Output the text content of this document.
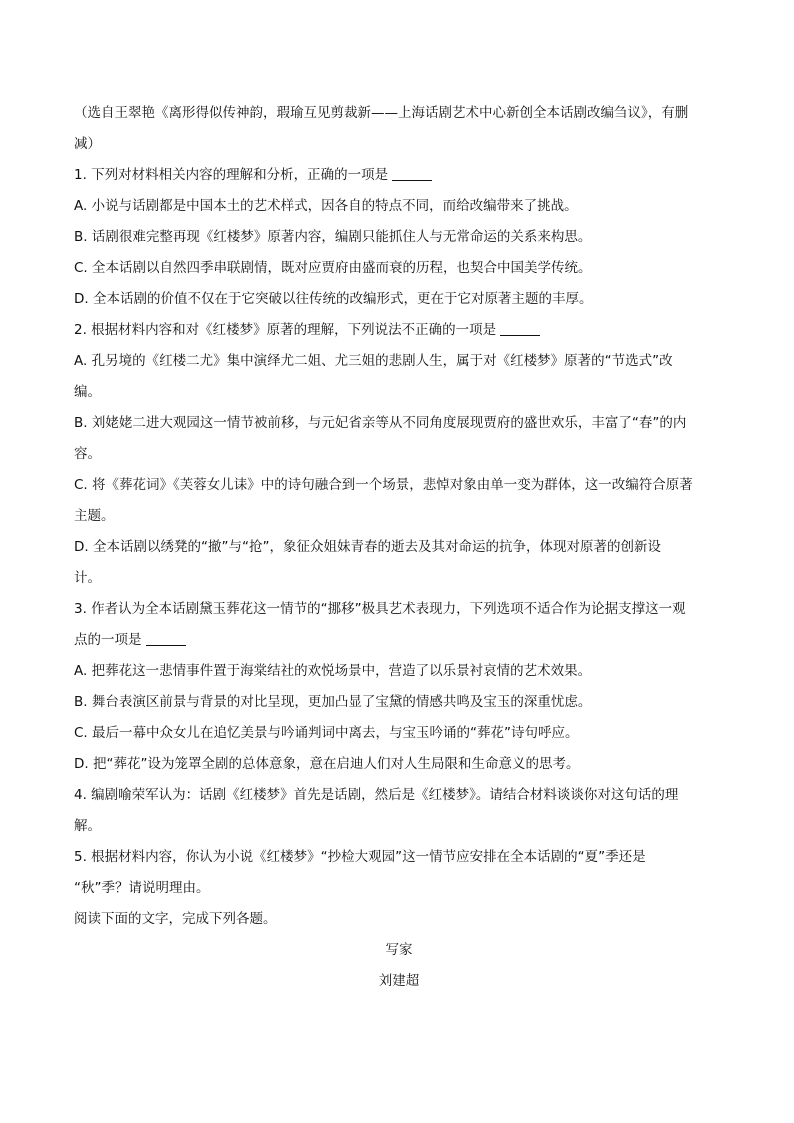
（选自王翠艳《离形得似传神韵，瑕瑜互见剪裁新——上海话剧艺术中心新创全本话剧改编刍议》，有删
减）
1. 下列对材料相关内容的理解和分析，正确的一项是
A. 小说与话剧都是中国本土的艺术样式，因各自的特点不同，而给改编带来了挑战。
B. 话剧很难完整再现《红楼梦》原著内容，编剧只能抓住人与无常命运的关系来构思。
C. 全本话剧以自然四季串联剧情，既对应贾府由盛而衰的历程，也契合中国美学传统。
D. 全本话剧的价值不仅在于它突破以往传统的改编形式，更在于它对原著主题的丰厚。
2. 根据材料内容和对《红楼梦》原著的理解，下列说法不正确的一项是
A. 孔另境的《红楼二尤》集中演绎尤二姐、尤三姐的悲剧人生，属于对《红楼梦》原著的“节选式”改
编。
B. 刘姥姥二进大观园这一情节被前移，与元妃省亲等从不同角度展现贾府的盛世欢乐，丰富了“春”的内
容。
C. 将《葬花词》《芙蓉女儿诔》中的诗句融合到一个场景，悲悼对象由单一变为群体，这一改编符合原著
主题。
D. 全本话剧以绣凳的“撤”与“抢”，象征众姐妹青春的逝去及其对命运的抗争，体现对原著的创新设
计。
3. 作者认为全本话剧黛玉葬花这一情节的“挪移”极具艺术表现力，下列选项不适合作为论据支撑这一观
点的一项是
A. 把葬花这一悲情事件置于海棠结社的欢悦场景中，营造了以乐景衬哀情的艺术效果。
B. 舞台表演区前景与背景的对比呈现，更加凸显了宝黛的情感共鸣及宝玉的深重忧虑。
C. 最后一幕中众女儿在追忆美景与吟诵判词中离去，与宝玉吟诵的“葬花”诗句呼应。
D. 把“葬花”设为笼罩全剧的总体意象，意在启迪人们对人生局限和生命意义的思考。
4. 编剧喻荣军认为：话剧《红楼梦》首先是话剧，然后是《红楼梦》。请结合材料谈谈你对这句话的理
解。
5. 根据材料内容，你认为小说《红楼梦》“抄检大观园”这一情节应安排在全本话剧的“夏”季还是
“秋”季？请说明理由。
阅读下面的文字，完成下列各题。
写家
刘建超
